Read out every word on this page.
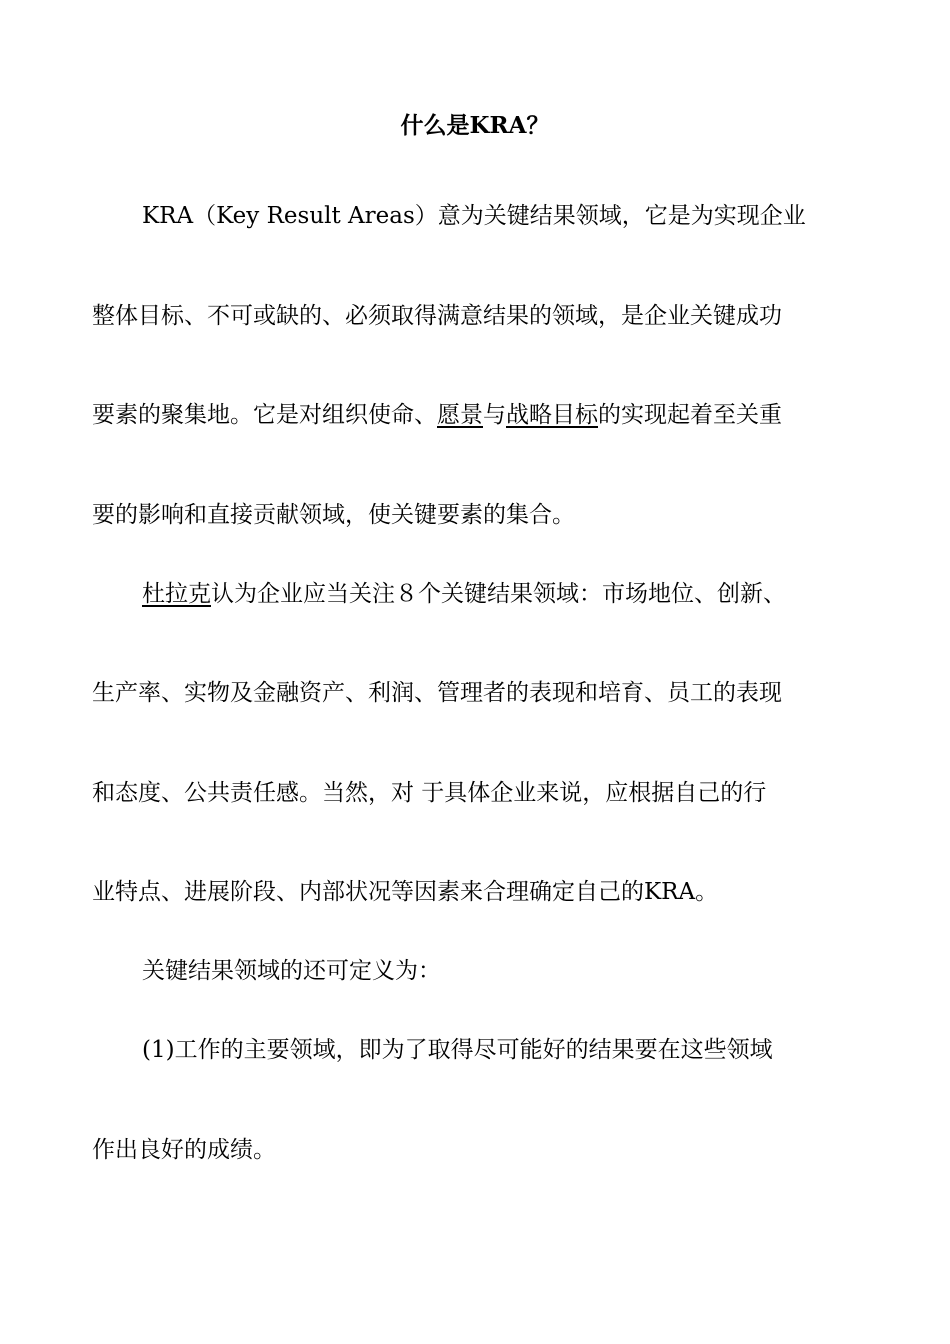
什么是KRA？
KRA（Key Result Areas）意为关键结果领域，它是为实现企业
整体目标、不可或缺的、必须取得满意结果的领域，是企业关键成功
要素的聚集地。它是对组织使命、愿景与战略目标的实现起着至关重
要的影响和直接贡献领域，使关键要素的集合。
杜拉克认为企业应当关注８个关键结果领域：市场地位、创新、
生产率、实物及金融资产、利润、管理者的表现和培育、员工的表现
和态度、公共责任感。当然，对 于具体企业来说，应根据自己的行
业特点、进展阶段、内部状况等因素来合理确定自己的KRA。
关键结果领域的还可定义为：
(1)工作的主要领域，即为了取得尽可能好的结果要在这些领域
作出良好的成绩。
